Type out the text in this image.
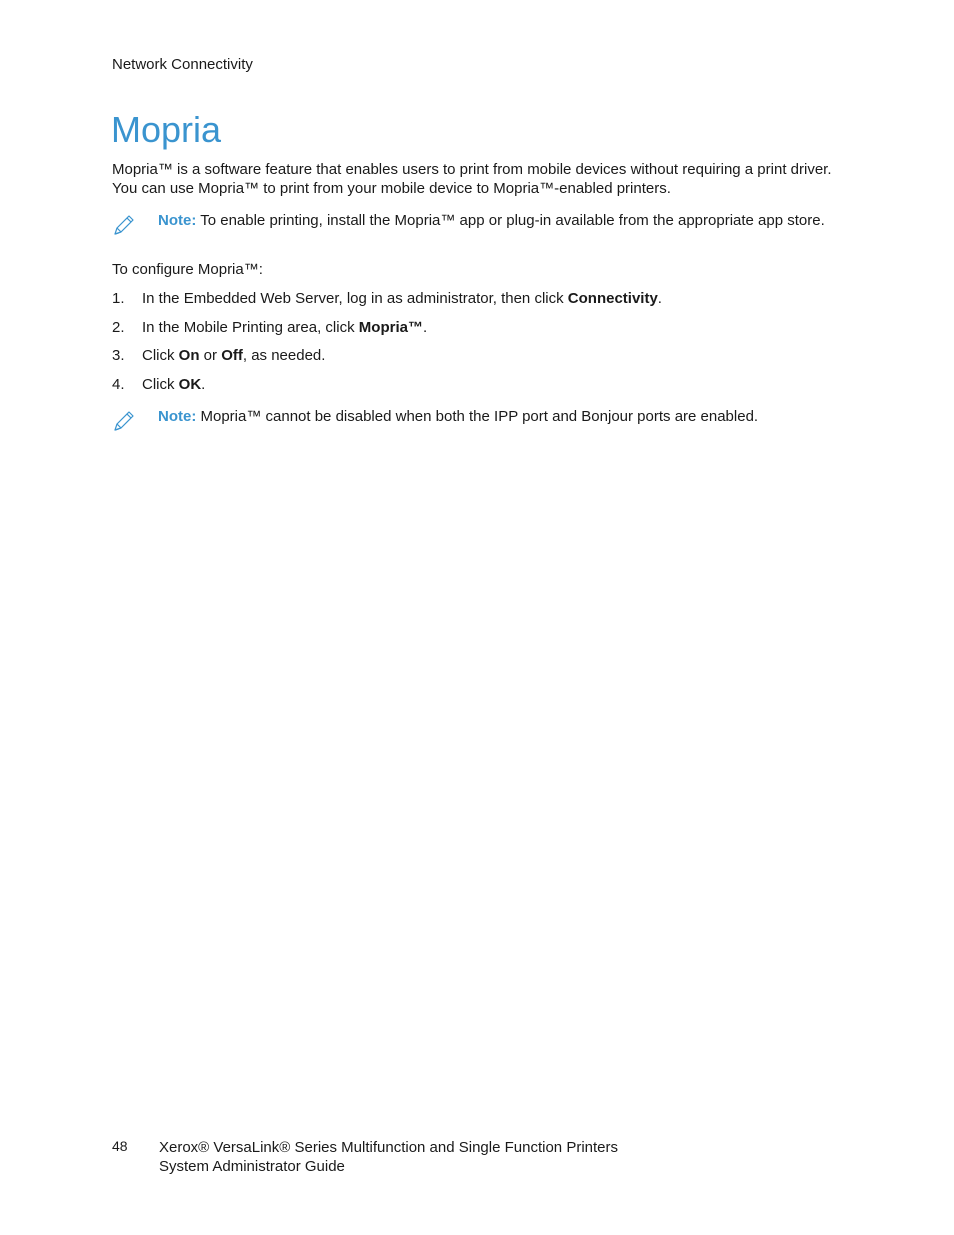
Network Connectivity
Mopria

Mopria™ is a software feature that enables users to print from mobile devices without requiring a print driver. You can use Mopria™ to print from your mobile device to Mopria™-enabled printers.

Note: To enable printing, install the Mopria™ app or plug-in available from the appropriate app store.
To configure Mopria™:
1.	In the Embedded Web Server, log in as administrator, then click Connectivity.
2.	In the Mobile Printing area, click Mopria™.
3.	Click On or Off, as needed.
4.	Click OK.
Note: Mopria™ cannot be disabled when both the IPP port and Bonjour ports are enabled.
48 Xerox® VersaLink® Series Multifunction and Single Function Printers
System Administrator Guide
